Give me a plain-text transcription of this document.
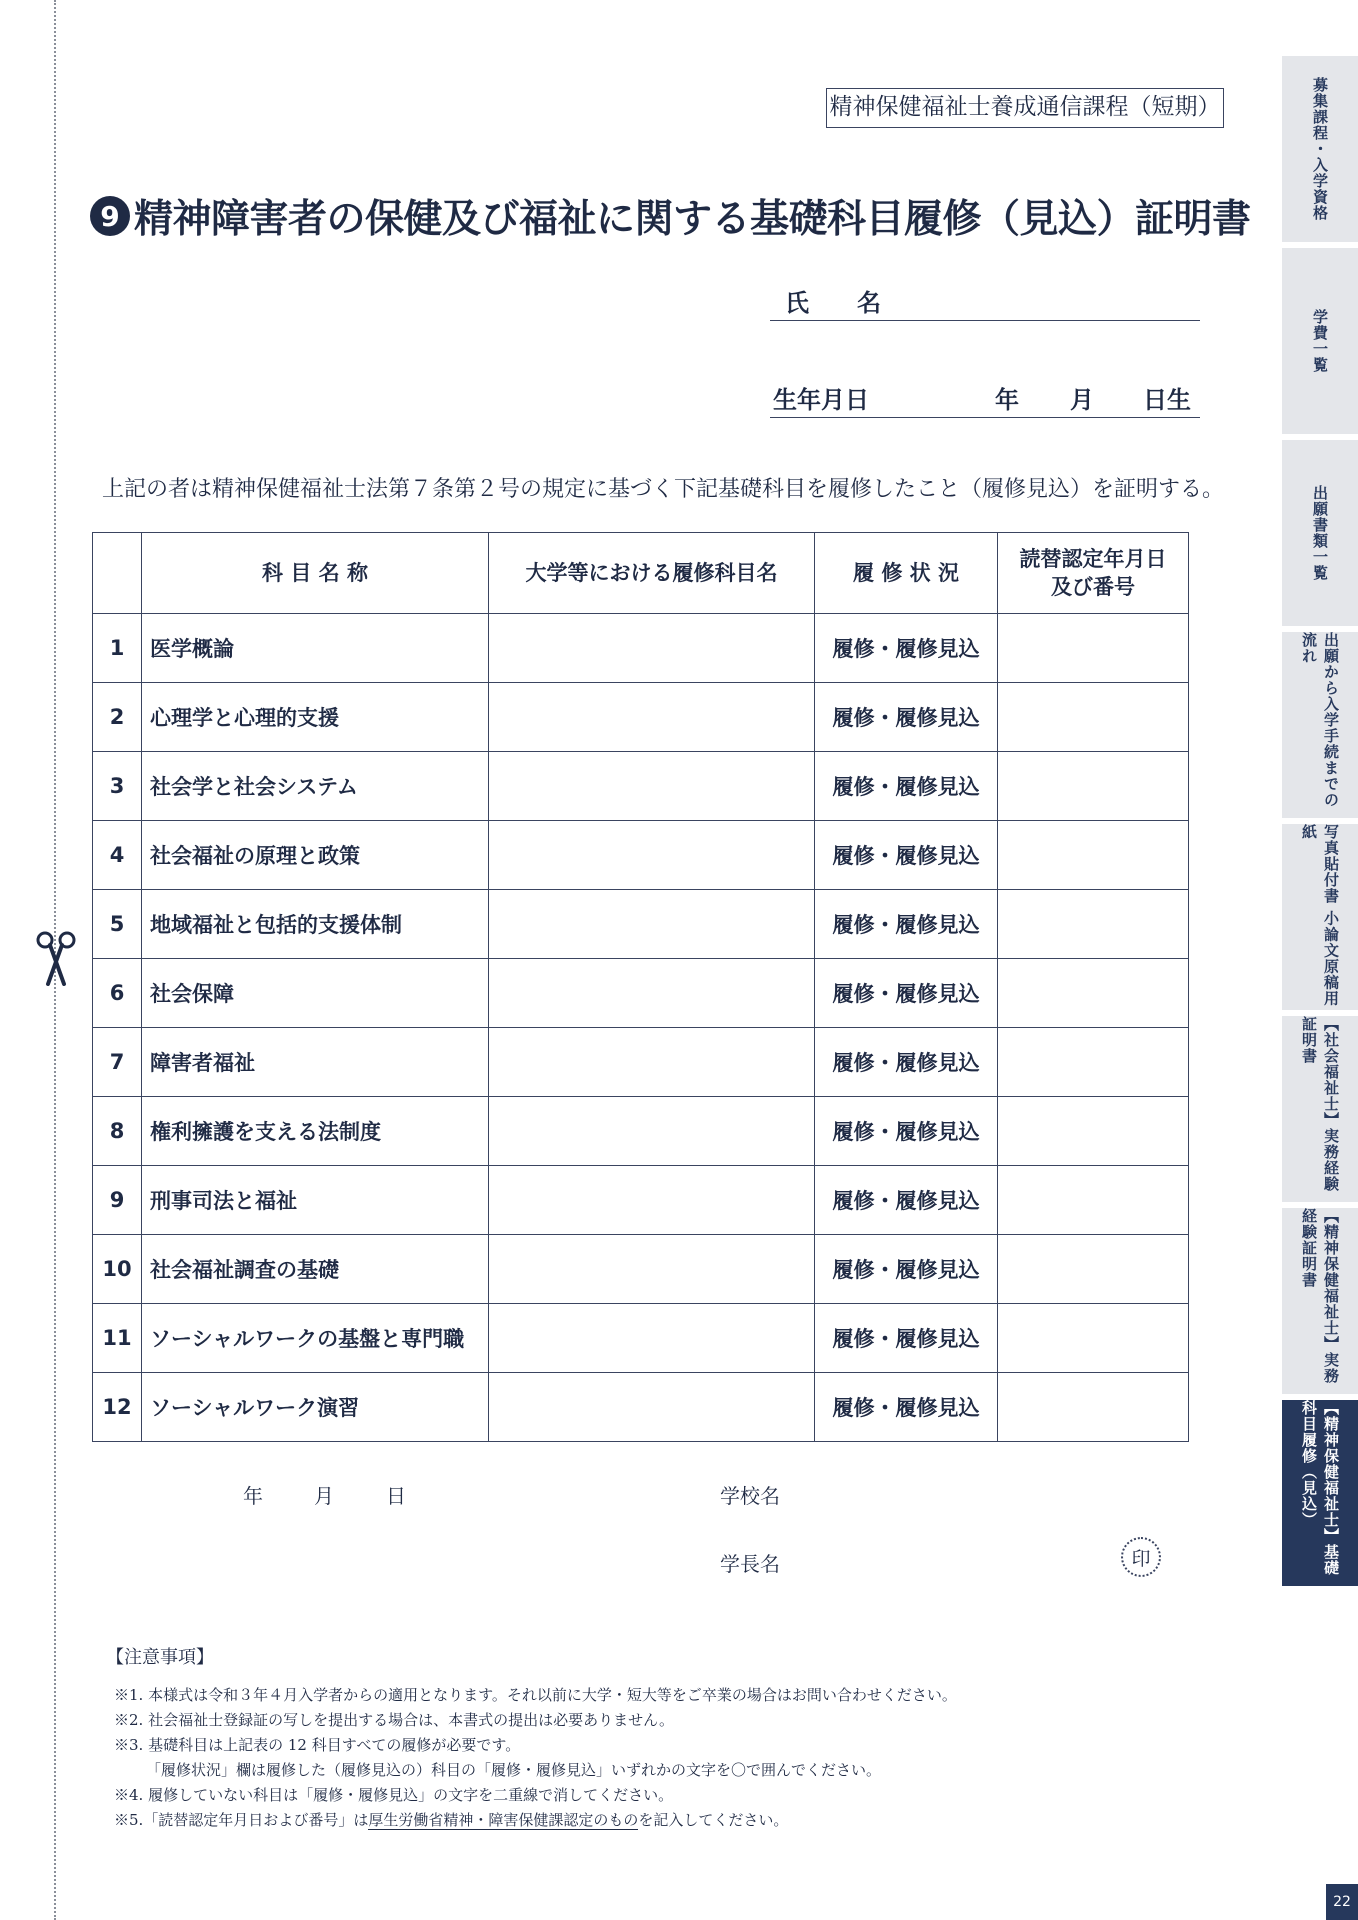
精神保健福祉士養成通信課程（短期）
9 精神障害者の保健及び福祉に関する基礎科目履修（見込）証明書
氏　名
生年月日	年 月 日生
上記の者は精神保健福祉士法第７条第２号の規定に基づく下記基礎科目を履修したこと（履修見込）を証明する。
	科 目 名 称	大学等における履修科目名	履 修 状 況	読替認定年月日
及び番号
1	医学概論		履修・履修見込	
2	心理学と心理的支援		履修・履修見込	
3	社会学と社会システム		履修・履修見込	
4	社会福祉の原理と政策		履修・履修見込	
5	地域福祉と包括的支援体制		履修・履修見込	
6	社会保障		履修・履修見込	
7	障害者福祉		履修・履修見込	
8	権利擁護を支える法制度		履修・履修見込	
9	刑事司法と福祉		履修・履修見込	
10	社会福祉調査の基礎		履修・履修見込	
11	ソーシャルワークの基盤と専門職		履修・履修見込	
12	ソーシャルワーク演習		履修・履修見込	
年	月	日	学校名
学長名	印
【注意事項】
※1. 本様式は令和３年４月入学者からの適用となります。それ以前に大学・短大等をご卒業の場合はお問い合わせください。
※2. 社会福祉士登録証の写しを提出する場合は、本書式の提出は必要ありません。
※3. 基礎科目は上記表の 12 科目すべての履修が必要です。
「履修状況」欄は履修した（履修見込の）科目の「履修・履修見込」いずれかの文字を〇で囲んでください。
※4. 履修していない科目は「履修・履修見込」の文字を二重線で消してください。
※5.「読替認定年月日および番号」は厚生労働省精神・障害保健課認定のものを記入してください。
募集課程・入学資格
学費一覧
出願書類一覧
出願から入学手続までの流れ
写真貼付書 小論文原稿用紙
【社会福祉士】実務経験証明書
【精神保健福祉士】実務経験証明書
【精神保健福祉士】基礎科目履修（見込）
22
